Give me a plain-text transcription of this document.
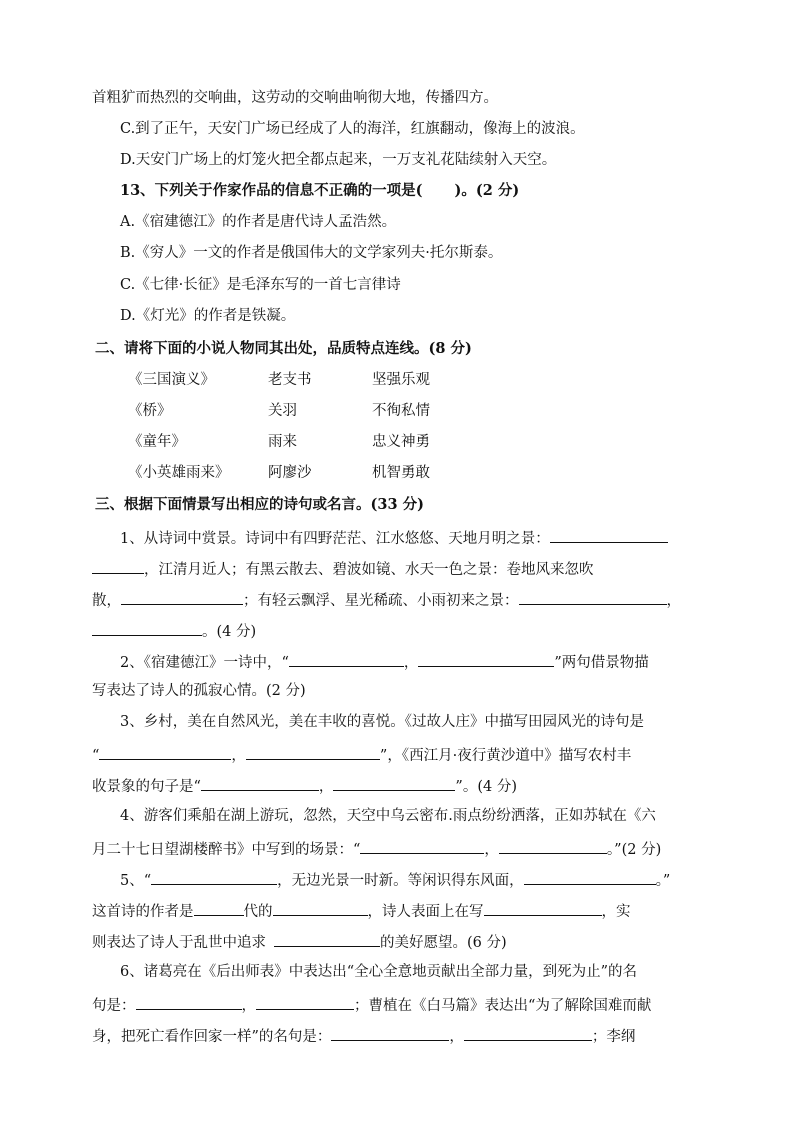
首粗犷而热烈的交响曲，这劳动的交响曲响彻大地，传播四方。
C.到了正午，天安门广场已经成了人的海洋，红旗翻动，像海上的波浪。
D.天安门广场上的灯笼火把全都点起来，一万支礼花陆续射入天空。
13、下列关于作家作品的信息不正确的一项是( )。(2 分)
A.《宿建德江》的作者是唐代诗人孟浩然。
B.《穷人》一文的作者是俄国伟大的文学家列夫·托尔斯泰。
C.《七律·长征》是毛泽东写的一首七言律诗
D.《灯光》的作者是铁凝。
二、请将下面的小说人物同其出处，品质特点连线。(8 分)
《三国演义》	老支书	坚强乐观
《桥》	关羽	不徇私情
《童年》	雨来	忠义神勇
《小英雄雨来》	阿廖沙	机智勇敢
三、根据下面情景写出相应的诗句或名言。(33 分)
1、从诗词中赏景。诗词中有四野茫茫、江水悠悠、天地月明之景：
，江清月近人；有黑云散去、碧波如镜、水天一色之景：卷地风来忽吹
散，	；有轻云飘浮、星光稀疏、小雨初来之景：	，
。(4 分)
2、《宿建德江》一诗中，“	，	”两句借景物描
写表达了诗人的孤寂心情。(2 分)
3、乡村，美在自然风光，美在丰收的喜悦。《过故人庄》中描写田园风光的诗句是
“	，	”，《西江月·夜行黄沙道中》描写农村丰
收景象的句子是“	，	”。(4 分)
4、游客们乘船在湖上游玩，忽然，天空中乌云密布.雨点纷纷洒落，正如苏轼在《六
月二十七日望湖楼醉书》中写到的场景：“	，	。”(2 分)
5、“	，无边光景一时新。等闲识得东风面，	。”
这首诗的作者是	代的	，诗人表面上在写	，实
则表达了诗人于乱世中追求	的美好愿望。(6 分)
6、诸葛亮在《后出师表》中表达出“全心全意地贡献出全部力量，到死为止”的名
句是：	，	；曹植在《白马篇》表达出“为了解除国难而献
身，把死亡看作回家一样”的名句是：	，	；李纲
